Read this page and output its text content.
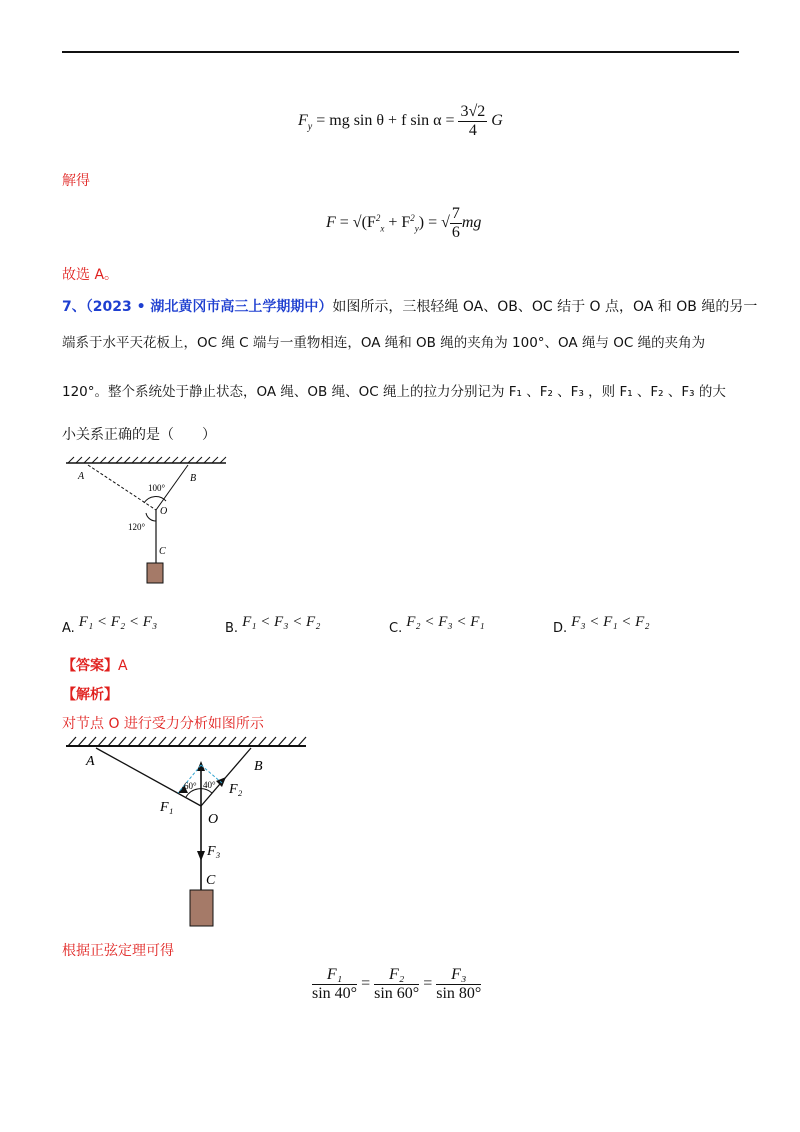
$F_y$ = mg sin θ + f $\sin \alpha = \frac{3√2}{4}$ G
解得
$F = √(F^2_x + F^2_y)$ = √ $\frac{7}{6}$ mg
故选 A。
7、（2023 • 湖北黄冈市高三上学期期中）如图所示，三根轻绳 OA、OB、OC 结于 O 点，OA 和 OB 绳的另一
端系于水平天花板上，OC 绳 C 端与一重物相连，OA 绳和 OB 绳的夹角为 100°、OA 绳与 OC 绳的夹角为
120°。整个系统处于静止状态，OA 绳、OB 绳、OC 绳上的拉力分别记为 F₁ 、F₂ 、F₃ ，则 F₁ 、F₂ 、F₃ 的大
小关系正确的是（　　）
A	B
O
C
100°
120°
A. F₁ < F₂ < F₃	B. F₁ < F₃ < F₂	C. F₂ < F₃ < F₁	D. F₃ < F₁ < F₂
【答案】A
【解析】
对节点 O 进行受力分析如图所示
A	B
O
C
F₁
F₂
F₃
60° 40°
根据正弦定理可得
$\frac{\text{F₁}}{\sin 40^\circ} = \frac{\text{F₂}}{\sin 60^\circ} = \frac{\text{F₃}}{\sin 80^\circ}$
